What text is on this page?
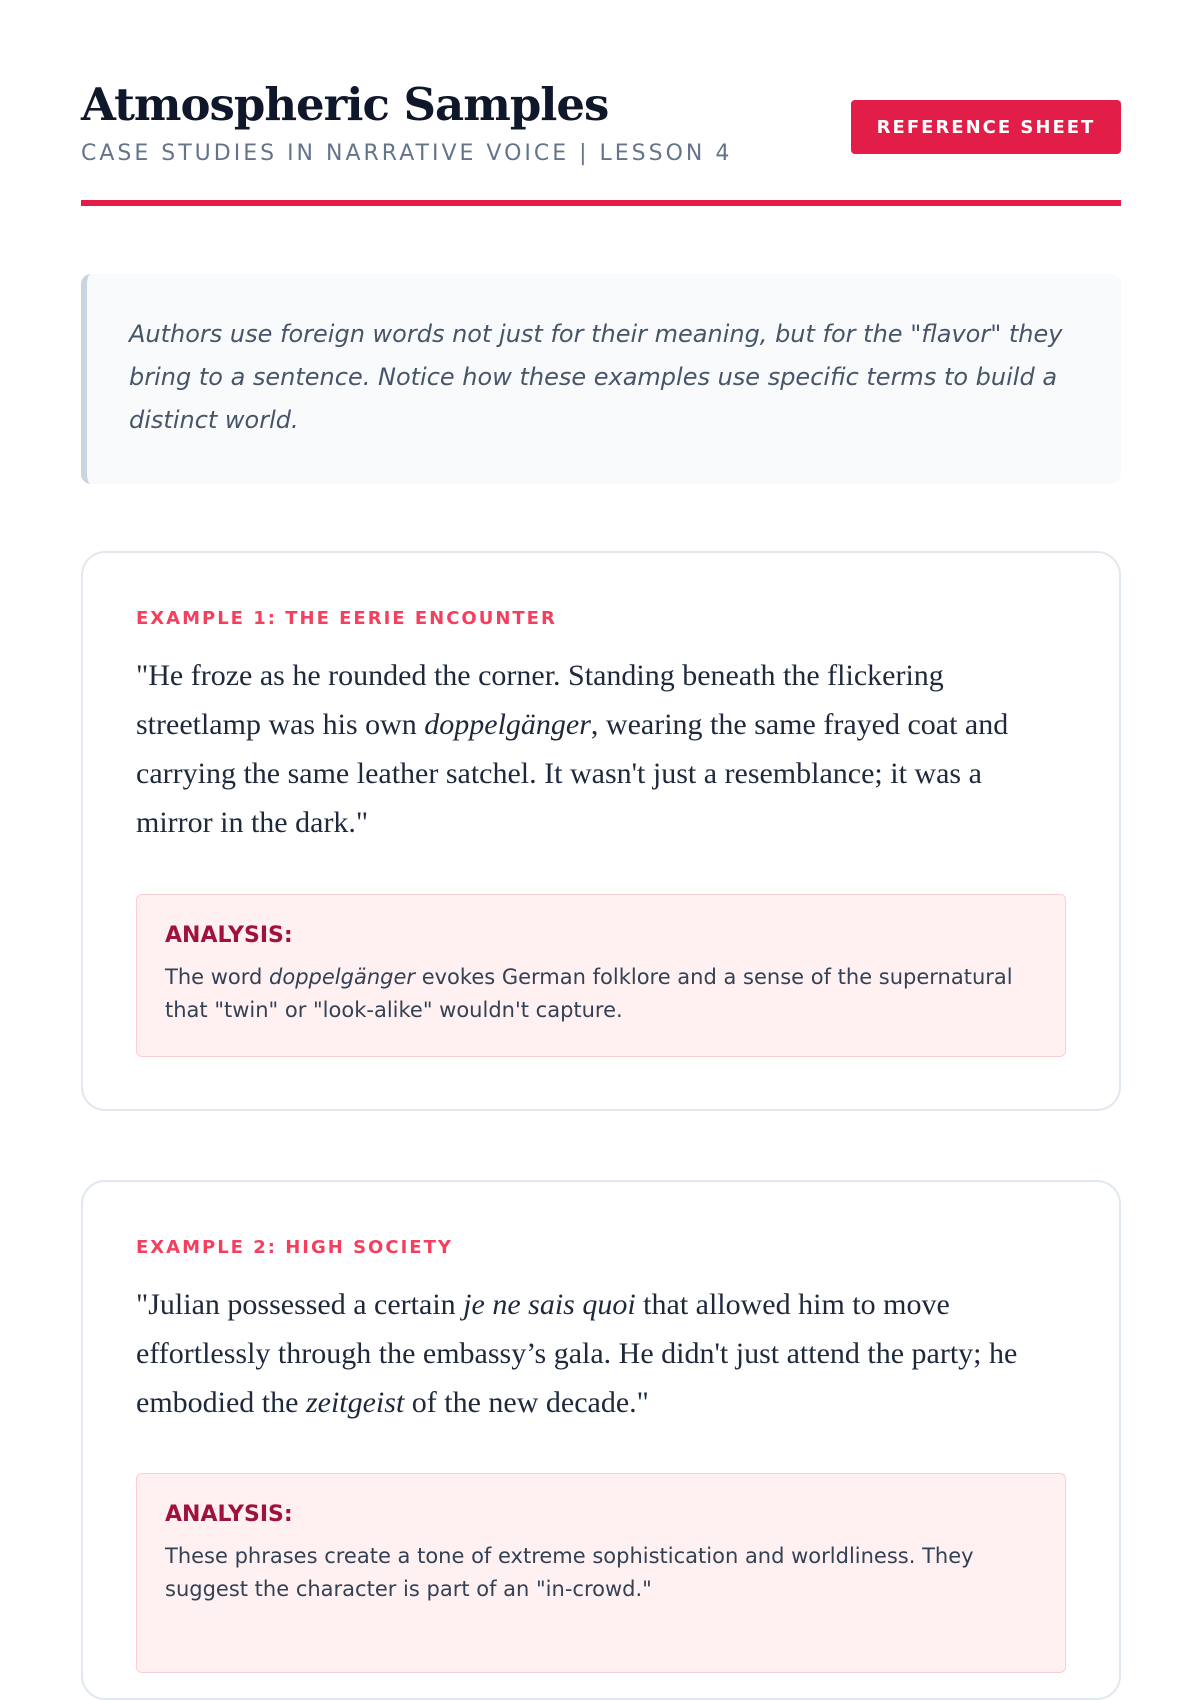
Atmospheric Samples
CASE STUDIES IN NARRATIVE VOICE | LESSON 4
REFERENCE SHEET
Authors use foreign words not just for their meaning, but for the "flavor" they bring to a sentence. Notice how these examples use specific terms to build a distinct world.
EXAMPLE 1: THE EERIE ENCOUNTER

"He froze as he rounded the corner. Standing beneath the flickering streetlamp was his own doppelgänger, wearing the same frayed coat and carrying the same leather satchel. It wasn't just a resemblance; it was a mirror in the dark."

ANALYSIS:
The word doppelgänger evokes German folklore and a sense of the supernatural that "twin" or "look-alike" wouldn't capture.
EXAMPLE 2: HIGH SOCIETY

"Julian possessed a certain je ne sais quoi that allowed him to move effortlessly through the embassy’s gala. He didn't just attend the party; he embodied the zeitgeist of the new decade."

ANALYSIS:
These phrases create a tone of extreme sophistication and worldliness. They suggest the character is part of an "in-crowd."
